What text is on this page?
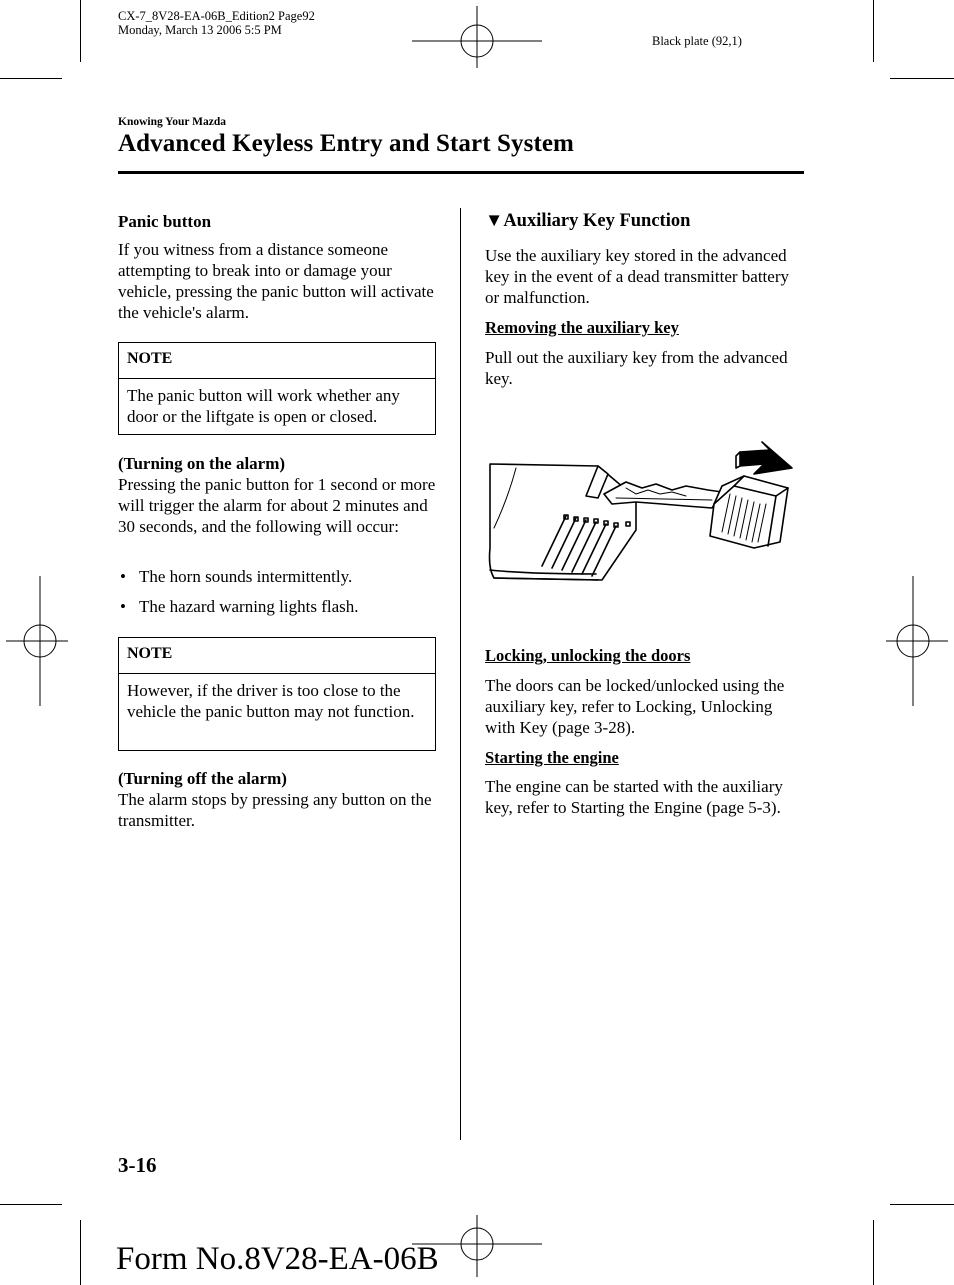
CX-7_8V28-EA-06B_Edition2 Page92
Monday, March 13 2006 5:5 PM
Black plate (92,1)
Knowing Your Mazda
Advanced Keyless Entry and Start System
Panic button

If you witness from a distance someone attempting to break into or damage your vehicle, pressing the panic button will activate the vehicle's alarm.

NOTE
The panic button will work whether any door or the liftgate is open or closed.
(Turning on the alarm)

Pressing the panic button for 1 second or more will trigger the alarm for about 2 minutes and 30 seconds, and the following will occur:

• The horn sounds intermittently.
• The hazard warning lights flash.
NOTE
However, if the driver is too close to the vehicle the panic button may not function.
(Turning off the alarm)

The alarm stops by pressing any button on the transmitter.

▼Auxiliary Key Function

Use the auxiliary key stored in the advanced key in the event of a dead transmitter battery or malfunction.

Removing the auxiliary key

Pull out the auxiliary key from the advanced key.

Locking, unlocking the doors

The doors can be locked/unlocked using the auxiliary key, refer to Locking, Unlocking with Key (page 3-28).

Starting the engine

The engine can be started with the auxiliary key, refer to Starting the Engine (page 5-3).

3-16
Form No.8V28-EA-06B
